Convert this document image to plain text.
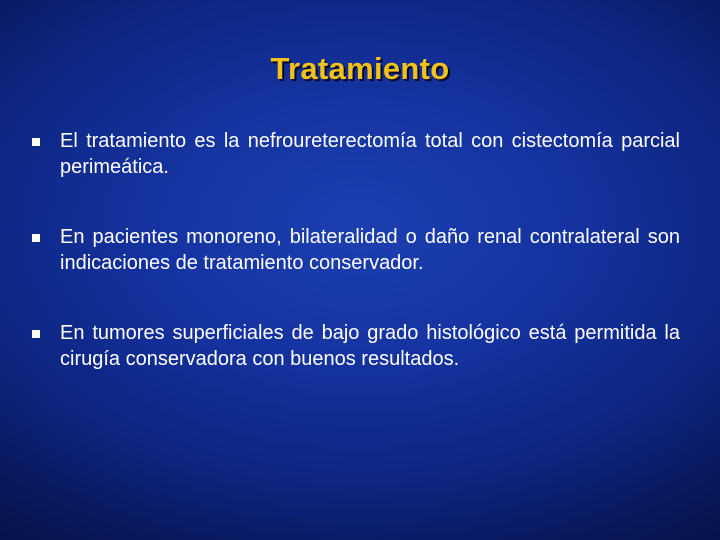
Tratamiento
El tratamiento es la nefroureterectomía total con cistectomía parcial perimeática.
En pacientes monoreno, bilateralidad o daño renal contralateral son indicaciones de tratamiento conservador.
En tumores superficiales de bajo grado histológico está permitida la cirugía conservadora con buenos resultados.
